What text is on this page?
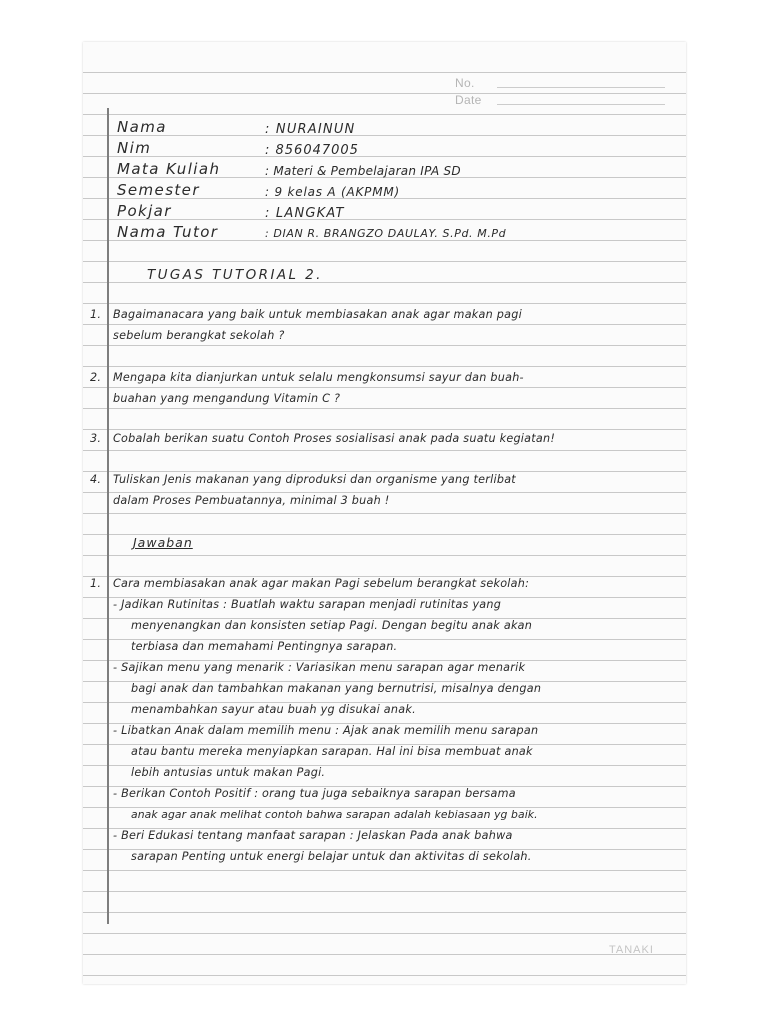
No.
Date
Nama
Nim
Mata Kuliah
Semester
Pokjar
Nama Tutor
: NURAINUN
: 856047005
: Materi & Pembelajaran IPA SD
: 9 kelas A (AKPMM)
: LANGKAT
: DIAN R. BRANGZO DAULAY. S.Pd. M.Pd
TUGAS TUTORIAL 2.
1. Bagaimanacara yang baik untuk membiasakan anak agar makan pagi
sebelum berangkat sekolah ?
2. Mengapa kita dianjurkan untuk selalu mengkonsumsi sayur dan buah-
buahan yang mengandung Vitamin C ?
3. Cobalah berikan suatu Contoh Proses sosialisasi anak pada suatu kegiatan!
4. Tuliskan Jenis makanan yang diproduksi dan organisme yang terlibat
dalam Proses Pembuatannya, minimal 3 buah !
Jawaban
1. Cara membiasakan anak agar makan Pagi sebelum berangkat sekolah:
- Jadikan Rutinitas : Buatlah waktu sarapan menjadi rutinitas yang
menyenangkan dan konsisten setiap Pagi. Dengan begitu anak akan
terbiasa dan memahami Pentingnya sarapan.
- Sajikan menu yang menarik : Variasikan menu sarapan agar menarik
bagi anak dan tambahkan makanan yang bernutrisi, misalnya dengan
menambahkan sayur atau buah yg disukai anak.
- Libatkan Anak dalam memilih menu : Ajak anak memilih menu sarapan
atau bantu mereka menyiapkan sarapan. Hal ini bisa membuat anak
lebih antusias untuk makan Pagi.
- Berikan Contoh Positif : orang tua juga sebaiknya sarapan bersama
anak agar anak melihat contoh bahwa sarapan adalah kebiasaan yg baik.
- Beri Edukasi tentang manfaat sarapan : Jelaskan Pada anak bahwa
sarapan Penting untuk energi belajar untuk dan aktivitas di sekolah.
TANAKI
